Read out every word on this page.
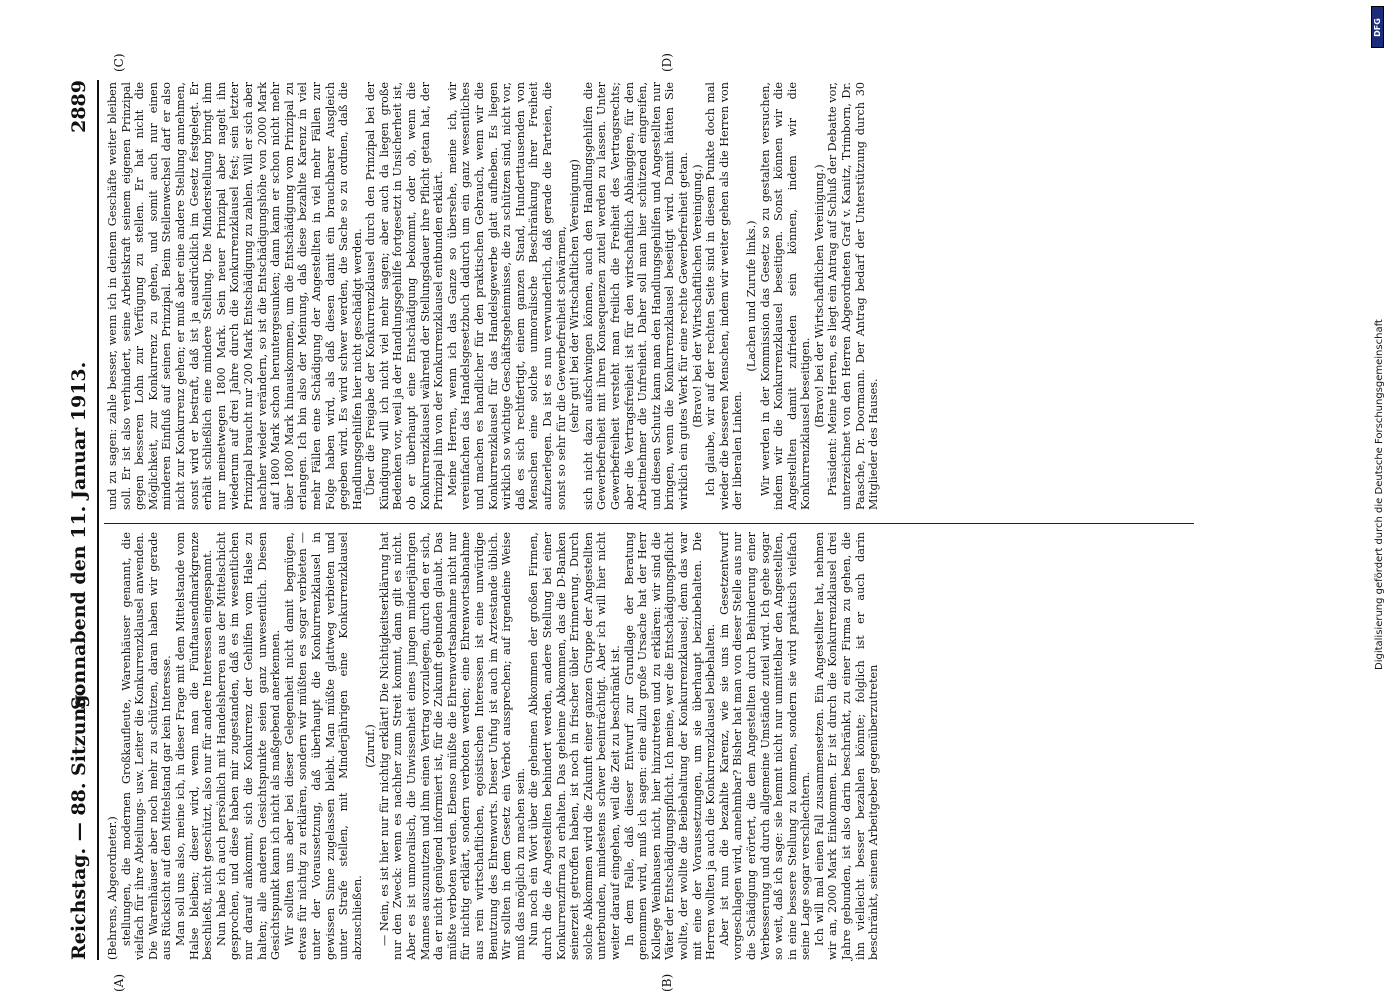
Reichstag. — 88. Sitzung.
Sonnabend den 11. Januar 1913.
2889
(A)	(B)
(C)	(D)
(Behrens, Abgeordneter.) stellungen, die modernen Großkaufleute, Warenhäuser genannt, die vielfach für ihre Abteilungs- usw. Leiter die Konkurrenzklausel anwenden. Die Warenhäuser aber noch mehr zu schützen, daran haben wir gerade aus Rücksicht auf den Mittelstand gar kein Interesse. Man soll uns also, meine ich, in dieser Frage mit dem Mittelstande vom Halse bleiben; dieser wird, wenn man die Fünftausendmarkgrenze beschließt, nicht geschützt, also nur für andere Interessen eingespannt. Nun habe ich auch persönlich mit Handelsherren aus der Mittelschicht gesprochen, und diese haben mir zugestanden, daß es im wesentlichen nur darauf ankommt, sich die Konkurrenz der Gehilfen vom Halse zu halten; alle anderen Gesichtspunkte seien ganz unwesentlich. Diesen Gesichtspunkt kann ich nicht als maßgebend anerkennen. Wir sollten uns aber bei dieser Gelegenheit nicht damit begnügen, etwas für nichtig zu erklären, sondern wir müßten es sogar verbieten — unter der Voraussetzung, daß überhaupt die Konkurrenzklausel in gewissen Sinne zugelassen bleibt. Man müßte glattweg verbieten und unter Strafe stellen, mit Minderjährigen eine Konkurrenzklausel abzuschließen.
(Zuruf.) — Nein, es ist hier nur für nichtig erklärt! Die Nichtigkeitserklärung hat nur den Zweck: wenn es nachher zum Streit kommt, dann gilt es nicht. Aber es ist unmoralisch, die Unwissenheit eines jungen minderjährigen Mannes auszunutzen und ihm einen Vertrag vorzulegen, durch den er sich, da er nicht genügend informiert ist, für die Zukunft gebunden glaubt. Das müßte verboten werden. Ebenso müßte die Ehrenwortsabnahme nicht nur für nichtig erklärt, sondern verboten werden; eine Ehrenwortsabnahme aus rein wirtschaftlichen, egoistischen Interessen ist eine unwürdige Benutzung des Ehrenworts. Dieser Unfug ist auch im Arztestande üblich. Wir sollten in dem Gesetz ein Verbot aussprechen; auf irgendeine Weise muß das möglich zu machen sein. Nun noch ein Wort über die geheimen Abkommen der großen Firmen, durch die die Angestellten behindert werden, andere Stellung bei einer Konkurrenzfirma zu erhalten. Das geheime Abkommen, das die D-Banken seinerzeit getroffen haben, ist noch in frischer übler Erinnerung. Durch solche Abkommen wird die Zukunft einer ganzen Gruppe der Angestellten unterbunden, mindestens schwer beeinträchtigt. Aber ich will hier nicht weiter darauf eingehen, weil die Zeit zu beschränkt ist. In dem Falle, daß dieser Entwurf zur Grundlage der Beratung genommen wird, muß ich sagen: eine allzu große Ursache hat der Herr Kollege Weinhausen nicht, hier hinzutreten und zu erklären: wir sind die Väter der Entschädigungspflicht. Ich meine, wer die Entschädigungspflicht wollte, der wollte die Beibehaltung der Konkurrenzklausel; denn das war mit eine der Voraussetzungen, um sie überhaupt beizubehalten. Die Herren wollten ja auch die Konkurrenzklausel beibehalten. Aber ist nun die bezahlte Karenz, wie sie uns im Gesetzentwurf vorgeschlagen wird, annehmbar? Bisher hat man von dieser Stelle aus nur die Schädigung erörtert, die dem Angestellten durch Behinderung einer Verbesserung und durch allgemeine Umstände zuteil wird. Ich gehe sogar so weit, daß ich sage: sie hemmt nicht nur unmittelbar den Angestellten, in eine bessere Stellung zu kommen, sondern sie wird praktisch vielfach seine Lage sogar verschlechtern. Ich will mal einen Fall zusammensetzen. Ein Angestellter hat, nehmen wir an, 2000 Mark Einkommen. Er ist durch die Konkurrenzklausel drei Jahre gebunden, ist also darin beschränkt, zu einer Firma zu gehen, die ihn vielleicht besser bezahlen könnte; folglich ist er auch darin beschränkt, seinem Arbeitgeber gegenüberzutreten
und zu sagen: zahle besser, wenn ich in deinem Geschäfte weiter bleiben soll. Er ist also verhindert, seine Arbeitskraft seinem eigenen Prinzipal gegen besseren Lohn zur Verfügung zu stellen. Er hat nicht die Möglichkeit, zur Konkurrenz zu gehen, und somit auch nur einen minderen Einfluß auf seinen Prinzipal. Beim Stellenwechsel darf er also nicht zur Konkurrenz gehen; er muß aber eine andere Stellung annehmen, sonst wird er bestraft, daß ist ja ausdrücklich im Gesetz festgelegt. Er erhält schließlich eine mindere Stellung. Die Minderstellung bringt ihm nur meinetwegen 1800 Mark. Sein neuer Prinzipal aber nagelt ihn wiederum auf drei Jahre durch die Konkurrenzklausel fest; sein letzter Prinzipal braucht nur 200 Mark Entschädigung zu zahlen. Will er sich aber nachher wieder verändern, so ist die Entschädigungshöhe von 2000 Mark auf 1800 Mark schon heruntergesunken; dann kann er schon nicht mehr über 1800 Mark hinauskommen, um die Entschädigung vom Prinzipal zu erlangen. Ich bin also der Meinung, daß diese bezahlte Karenz in viel mehr Fällen eine Schädigung der Angestellten in viel mehr Fällen zur Folge haben wird, als daß diesen damit ein brauchbarer Ausgleich gegeben wird. Es wird schwer werden, die Sache so zu ordnen, daß die Handlungsgehilfen hier nicht geschädigt werden. Über die Freigabe der Konkurrenzklausel durch den Prinzipal bei der Kündigung will ich nicht viel mehr sagen; aber auch da liegen große Bedenken vor, weil ja der Handlungsgehilfe fortgesetzt in Unsicherheit ist, ob er überhaupt eine Entschädigung bekommt, oder ob, wenn die Konkurrenzklausel während der Stellungsdauer ihre Pflicht getan hat, der Prinzipal ihn von der Konkurrenzklausel entbunden erklärt. Meine Herren, wenn ich das Ganze so übersehe, meine ich, wir vereinfachen das Handelsgesetzbuch dadurch um ein ganz wesentliches und machen es handlicher für den praktischen Gebrauch, wenn wir die Konkurrenzklausel für das Handelsgewerbe glatt aufheben. Es liegen wirklich so wichtige Geschäftsgeheimnisse, die zu schützen sind, nicht vor, daß es sich rechtfertigt, einem ganzen Stand, Hunderttausenden von Menschen eine solche unmoralische Beschränkung ihrer Freiheit aufzuerlegen. Da ist es nun verwunderlich, daß gerade die Parteien, die sonst so sehr für die Gewerbefreiheit schwärmen, (sehr gut! bei der Wirtschaftlichen Vereinigung) sich nicht dazu aufschwingen können, auch den Handlungsgehilfen die Gewerbefreiheit mit ihren Konsequenzen zuteil werden zu lassen. Unter Gewerbefreiheit versteht man freilich die Freiheit des Vertragsrechts; aber die Vertragsfreiheit ist für den wirtschaftlich Abhängigen, für den Arbeitnehmer die Unfreiheit. Daher soll man hier schützend eingreifen, und diesen Schutz kann man den Handlungsgehilfen und Angestellten nur bringen, wenn die Konkurrenzklausel beseitigt wird. Damit hätten Sie wirklich ein gutes Werk für eine rechte Gewerbefreiheit getan. (Bravo! bei der Wirtschaftlichen Vereinigung.) Ich glaube, wir auf der rechten Seite sind in diesem Punkte doch mal wieder die besseren Menschen, indem wir weiter gehen als die Herren von der liberalen Linken.
(Lachen und Zurufe links.) Wir werden in der Kommission das Gesetz so zu gestalten versuchen, indem wir die Konkurrenzklausel beseitigen. Sonst können wir die Angestellten damit zufrieden sein können, indem wir die Konkurrenzklausel beseitigen. (Bravo! bei der Wirtschaftlichen Vereinigung.) Präsident: Meine Herren, es liegt ein Antrag auf Schluß der Debatte vor, unterzeichnet von den Herren Abgeordneten Graf v. Kanitz, Trimborn, Dr. Paasche, Dr. Doormann. Der Antrag bedarf der Unterstützung durch 30 Mitglieder des Hauses.
DFG
Digitalisierung gefördert durch die Deutsche Forschungsgemeinschaft
